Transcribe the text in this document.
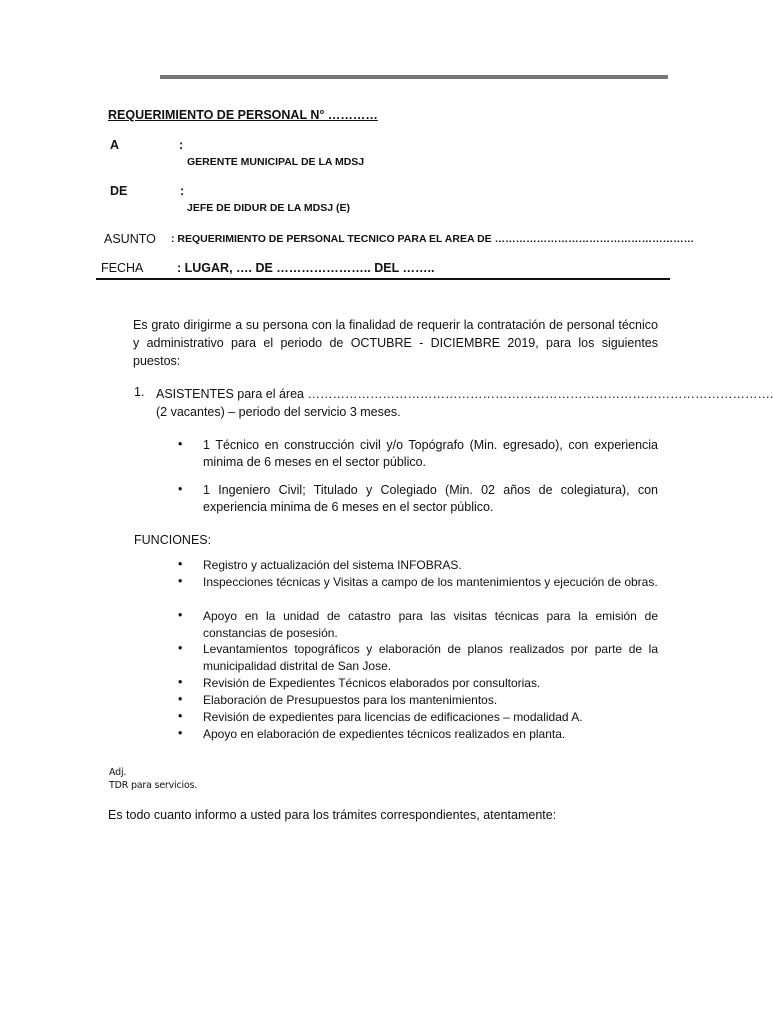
REQUERIMIENTO DE PERSONAL N° …………
A	:
GERENTE MUNICIPAL DE LA MDSJ
DE	:
JEFE DE DIDUR DE LA MDSJ (E)
ASUNTO : REQUERIMIENTO DE PERSONAL TECNICO PARA EL AREA DE …………………………………………………
FECHA	: LUGAR, …. DE ………………….. DEL ……..
Es grato dirigirme a su persona con la finalidad de requerir la contratación de personal técnico y administrativo para el periodo de OCTUBRE - DICIEMBRE 2019, para los siguientes puestos:
1. ASISTENTES para el área ………………………………………………………………………………………………….
(2 vacantes) – periodo del servicio 3 meses.
• 1 Técnico en construcción civil y/o Topógrafo (Min. egresado), con experiencia minima de 6 meses en el sector público.
• 1 Ingeniero Civil; Titulado y Colegiado (Min. 02 años de colegiatura), con experiencia minima de 6 meses en el sector público.
FUNCIONES:
• Registro y actualización del sistema INFOBRAS.
• Inspecciones técnicas y Visitas a campo de los mantenimientos y ejecución de obras.
• Apoyo en la unidad de catastro para las visitas técnicas para la emisión de constancias de posesión.
• Levantamientos topográficos y elaboración de planos realizados por parte de la municipalidad distrital de San Jose.
• Revisión de Expedientes Técnicos elaborados por consultorias.
• Elaboración de Presupuestos para los mantenimientos.
• Revisión de expedientes para licencias de edificaciones – modalidad A.
• Apoyo en elaboración de expedientes técnicos realizados en planta.
Adj.
TDR para servicios.
Es todo cuanto informo a usted para los trámites correspondientes, atentamente:
